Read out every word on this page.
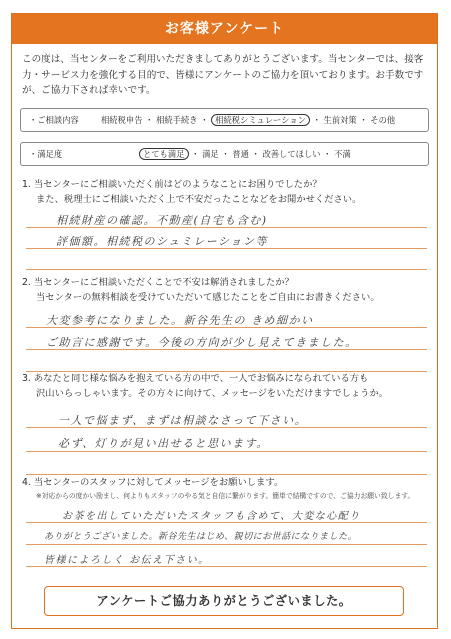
お客様アンケート
この度は、当センターをご利用いただきましてありがとうございます。当センターでは、接客力・サービス力を強化する目的で、皆様にアンケートのご協力を頂いております。お手数ですが、ご協力下されば幸いです。
・ご相談内容	相続税申告 ・ 相続手続き ・ 相続税シミュレーション ・ 生前対策 ・ その他
・満足度	とても満足 ・ 満足 ・ 普通 ・ 改善してほしい ・ 不満
1. 当センターにご相談いただく前はどのようなことにお困りでしたか？
また、税理士にご相談いただく上で不安だったことなどをお聞かせください。
相続財産の確認。不動産(自宅も含む)
評価額。相続税のシュミレーション等
2. 当センターにご相談いただくことで不安は解消されましたか？
当センターの無料相談を受けていただいて感じたことをご自由にお書きください。
大変参考になりました。新谷先生の きめ細かい
ご助言に感謝です。今後の方向が少し見えてきました。
3. あなたと同じ様な悩みを抱えている方の中で、一人でお悩みになられている方も
沢山いらっしゃいます。その方々に向けて、メッセージをいただけますでしょうか。
一人で悩まず、まずは相談なさって下さい。
必ず、灯りが見い出せると思います。
4. 当センターのスタッフに対してメッセージをお願いします。
※対応からの度かい励まし、何よりもスタッフのやる気と自信に繋がります。簡単で結構ですので、ご協力お願い致します。
お茶を出していただいたスタッフも含めて、大変な心配り
ありがとうございました。新谷先生はじめ、親切にお世話になりました。
皆様によろしく お伝え下さい。
アンケートご協力ありがとうございました。
